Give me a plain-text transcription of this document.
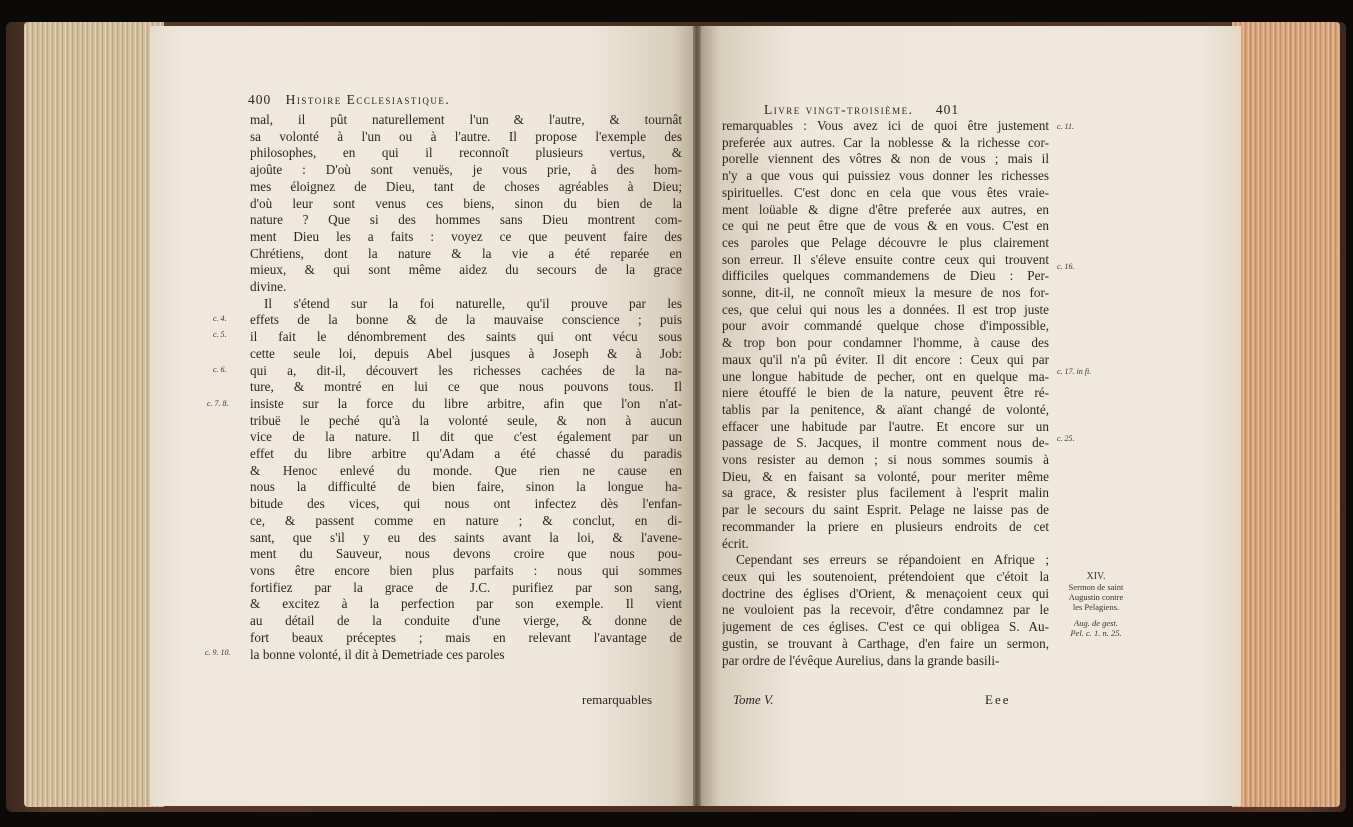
400 Histoire Ecclesiastique.
mal, il pût naturellement l'un & l'autre, & tournât
sa volonté à l'un ou à l'autre. Il propose l'exemple des
philosophes, en qui il reconnoît plusieurs vertus, &
ajoûte : D'où sont venuës, je vous prie, à des hom-
mes éloignez de Dieu, tant de choses agréables à Dieu;
d'où leur sont venus ces biens, sinon du bien de la
nature ? Que si des hommes sans Dieu montrent com-
ment Dieu les a faits : voyez ce que peuvent faire des
Chrétiens, dont la nature & la vie a été reparée en
mieux, & qui sont même aidez du secours de la grace
divine.
Il s'étend sur la foi naturelle, qu'il prouve par les
effets de la bonne & de la mauvaise conscience ; puis
il fait le dénombrement des saints qui ont vécu sous
cette seule loi, depuis Abel jusques à Joseph & à Job:
qui a, dit-il, découvert les richesses cachées de la na-
ture, & montré en lui ce que nous pouvons tous. Il
insiste sur la force du libre arbitre, afin que l'on n'at-
tribuë le peché qu'à la volonté seule, & non à aucun
vice de la nature. Il dit que c'est également par un
effet du libre arbitre qu'Adam a été chassé du paradis
& Henoc enlevé du monde. Que rien ne cause en
nous la difficulté de bien faire, sinon la longue ha-
bitude des vices, qui nous ont infectez dès l'enfan-
ce, & passent comme en nature ; & conclut, en di-
sant, que s'il y eu des saints avant la loi, & l'avene-
ment du Sauveur, nous devons croire que nous pou-
vons être encore bien plus parfaits : nous qui sommes
fortifiez par la grace de J.C. purifiez par son sang,
& excitez à la perfection par son exemple. Il vient
au détail de la conduite d'une vierge, & donne de
fort beaux préceptes ; mais en relevant l'avantage de
la bonne volonté, il dit à Demetriade ces paroles
remarquables
c. 4.
c. 5.
c. 6.
c. 7. 8.
c. 9. 10.
Livre vingt-troisième. 401
remarquables : Vous avez ici de quoi être justement
preferée aux autres. Car la noblesse & la richesse cor-
porelle viennent des vôtres & non de vous ; mais il
n'y a que vous qui puissiez vous donner les richesses
spirituelles. C'est donc en cela que vous êtes vraie-
ment loüable & digne d'être preferée aux autres, en
ce qui ne peut être que de vous & en vous. C'est en
ces paroles que Pelage découvre le plus clairement
son erreur. Il s'éleve ensuite contre ceux qui trouvent
difficiles quelques commandemens de Dieu : Per-
sonne, dit-il, ne connoît mieux la mesure de nos for-
ces, que celui qui nous les a données. Il est trop juste
pour avoir commandé quelque chose d'impossible,
& trop bon pour condamner l'homme, à cause des
maux qu'il n'a pû éviter. Il dit encore : Ceux qui par
une longue habitude de pecher, ont en quelque ma-
niere étouffé le bien de la nature, peuvent être ré-
tablis par la penitence, & aïant changé de volonté,
effacer une habitude par l'autre. Et encore sur un
passage de S. Jacques, il montre comment nous de-
vons resister au demon ; si nous sommes soumis à
Dieu, & en faisant sa volonté, pour meriter même
sa grace, & resister plus facilement à l'esprit malin
par le secours du saint Esprit. Pelage ne laisse pas de
recommander la priere en plusieurs endroits de cet
écrit.
Cependant ses erreurs se répandoient en Afrique ;
ceux qui les soutenoient, prétendoient que c'étoit la
doctrine des églises d'Orient, & menaçoient ceux qui
ne vouloient pas la recevoir, d'être condamnez par le
jugement de ces églises. C'est ce qui obligea S. Au-
gustin, se trouvant à Carthage, d'en faire un sermon,
par ordre de l'évêque Aurelius, dans la grande basili-
Tome V.	Eee
c. 11.
c. 16.
c. 17. in fi.
c. 25.
XIV.
Sermon de saint
Augustin contre
les Pelagiens.
Aug. de gest.
Pel. c. 1. n. 25.
